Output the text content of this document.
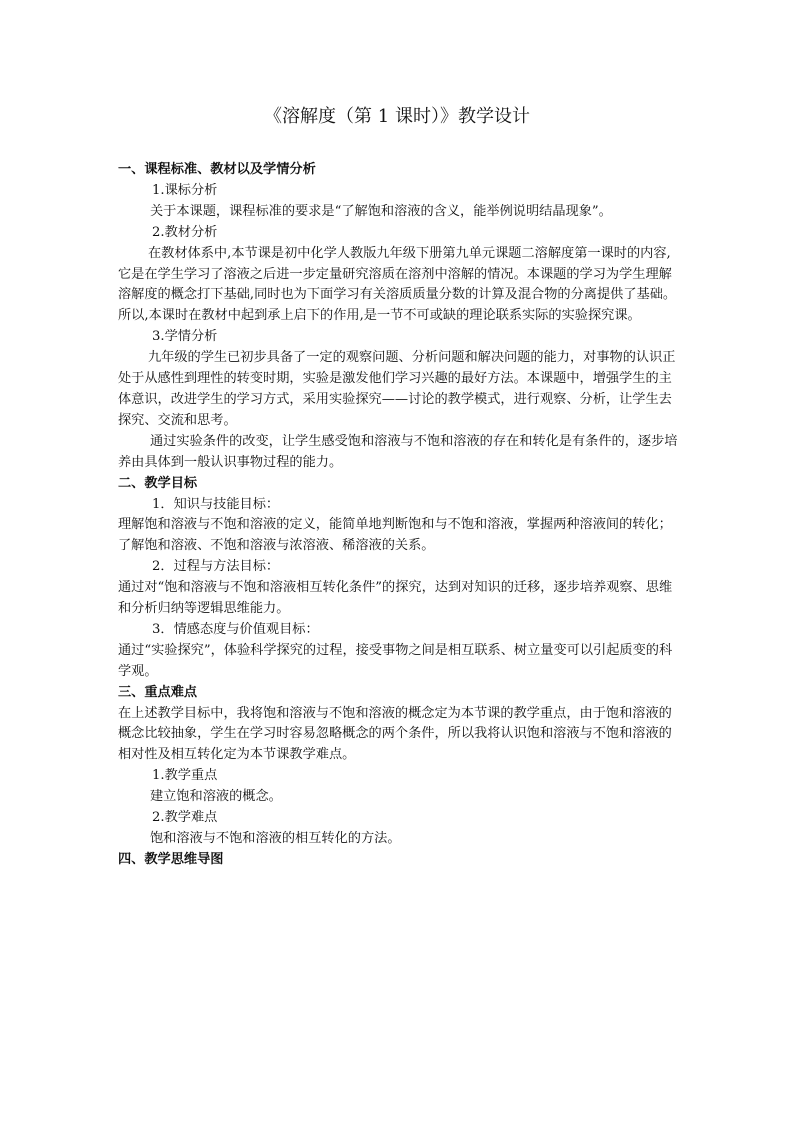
《溶解度（第 1 课时）》教学设计

一、课程标准、教材以及学情分析

1.课标分析

关于本课题，课程标准的要求是“了解饱和溶液的含义，能举例说明结晶现象”。

2.教材分析

在教材体系中,本节课是初中化学人教版九年级下册第九单元课题二溶解度第一课时的内容,它是在学生学习了溶液之后进一步定量研究溶质在溶剂中溶解的情况。本课题的学习为学生理解溶解度的概念打下基础,同时也为下面学习有关溶质质量分数的计算及混合物的分离提供了基础。所以,本课时在教材中起到承上启下的作用,是一节不可或缺的理论联系实际的实验探究课。

3.学情分析

九年级的学生已初步具备了一定的观察问题、分析问题和解决问题的能力，对事物的认识正处于从感性到理性的转变时期，实验是激发他们学习兴趣的最好方法。本课题中，增强学生的主体意识，改进学生的学习方式，采用实验探究——讨论的教学模式，进行观察、分析，让学生去探究、交流和思考。

通过实验条件的改变，让学生感受饱和溶液与不饱和溶液的存在和转化是有条件的，逐步培养由具体到一般认识事物过程的能力。

二、教学目标

1．知识与技能目标：

理解饱和溶液与不饱和溶液的定义，能简单地判断饱和与不饱和溶液，掌握两种溶液间的转化；了解饱和溶液、不饱和溶液与浓溶液、稀溶液的关系。

2．过程与方法目标：

通过对“饱和溶液与不饱和溶液相互转化条件”的探究，达到对知识的迁移，逐步培养观察、思维和分析归纳等逻辑思维能力。

3．情感态度与价值观目标：

通过“实验探究”，体验科学探究的过程，接受事物之间是相互联系、树立量变可以引起质变的科学观。

三、重点难点

在上述教学目标中，我将饱和溶液与不饱和溶液的概念定为本节课的教学重点，由于饱和溶液的概念比较抽象，学生在学习时容易忽略概念的两个条件，所以我将认识饱和溶液与不饱和溶液的相对性及相互转化定为本节课教学难点。

1.教学重点

建立饱和溶液的概念。

2.教学难点

饱和溶液与不饱和溶液的相互转化的方法。

四、教学思维导图
